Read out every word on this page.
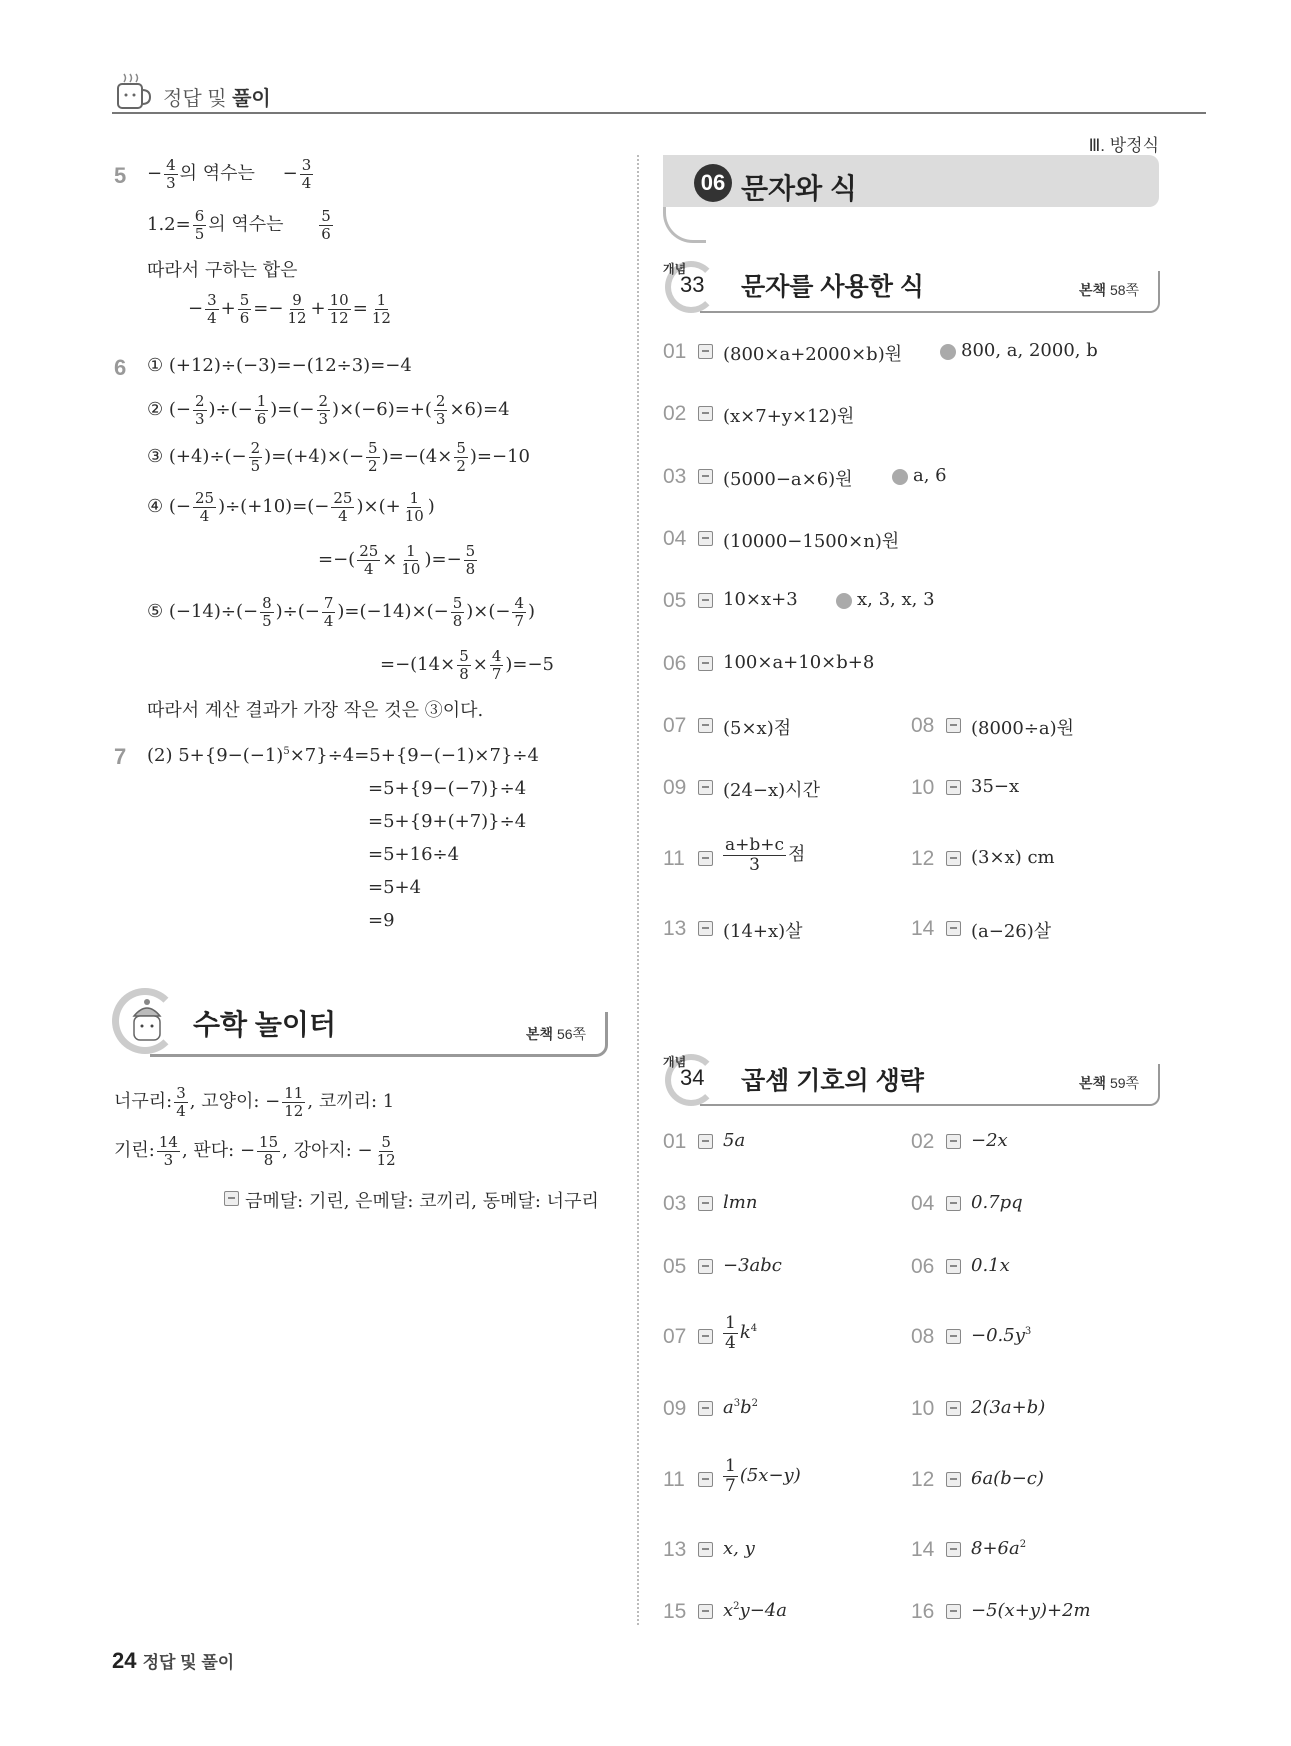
정답 및 풀이
Ⅲ. 방정식
$5 - \frac{4}{3}$ 의 역수는 − $\frac{3}{4}$
$1.2= \frac{6}{5}$ 의 역수는 $\frac{5}{6}$
따라서 구하는 합은
− $\frac{3}{4} + \frac{5}{6} =- \frac{9}{12} + \frac{10}{12} = \frac{1}{12}$
6 ① (+12)÷(−3)=−(12÷3)=−4
② (− $\frac{2}{3}$ )÷(− $\frac{1}{6}$ )=(− $\frac{2}{3} )\times(-6)=+( \frac{2}{3} \times 6)=4$
③ $(+4)\div(- \frac{2}{5} )=(+4)\times(- \frac{5}{2} )=-(4\times \frac{5}{2} )=-10$
④ (− $\frac{25}{4} )\div(+10)=(- \frac{25}{4}$ )×(+ $\frac{1}{10}$ )
=−( $\frac{25}{4} \times \frac{1}{10}$ )=− $\frac{5}{8}$
⑤ $(-14)\div(- \frac{8}{5}$ )÷(− $\frac{7}{4} )=(-14)\times(- \frac{5}{8}$ )×(− $\frac{4}{7}$ )
$=-(14\times \frac{5}{8} \times \frac{4}{7} )=-5$
따라서 계산 결과가 가장 작은 것은 ③이다.
7 (2) $5+\{9-(-1)^5\times 7\}\div 4=5+\{9-(-1)\times 7\}\div 4$
=5+{9−(−7)}÷4
=5+{9+(+7)}÷4
=5+16÷4
=5+4
=9
수학 놀이터	본책 56쪽
너구리: $\frac{3}{4}$ , 고양이: − $\frac{11}{12}$ , 코끼리: 1
기린: $\frac{14}{3}$ , 판다: − $\frac{15}{8}$ , 강아지: − $\frac{5}{12}$
금메달: 기린, 은메달: 코끼리, 동메달: 너구리
06 문자와 식
개념
33 문자를 사용한 식	본책 58쪽
01 (800×a+2000×b)원	800, a, 2000, b
02 (x×7+y×12)원
03 (5000−a×6)원	a, 6
04 (10000−1500×n)원
05 10×x+3	x, 3, x, 3
06 100×a+10×b+8
07 (5×x)점	08 (8000÷a)원
09 (24−x)시간	10 35−x
$11 \frac{a+b+c}{3}$ 점	12 (3×x) cm
13 (14+x)살	14 (a−26)살
개념
34 곱셈 기호의 생략	본책 59쪽
01 5a	02 −2x
03 lmn	04 0.7pq
05 −3abc	06 0.1x
$07 \frac{1}{4} k^4$	$08 -0.5y^3$
09 $a^3b^2$	10 2(3a+b)
$11 \frac{1}{7} (5x-y)$	12 6a(b−c)
13 x, y	14 $8+6a^2$
15 $x^2y-4a$	16 −5(x+y)+2m
24 정답 및 풀이
